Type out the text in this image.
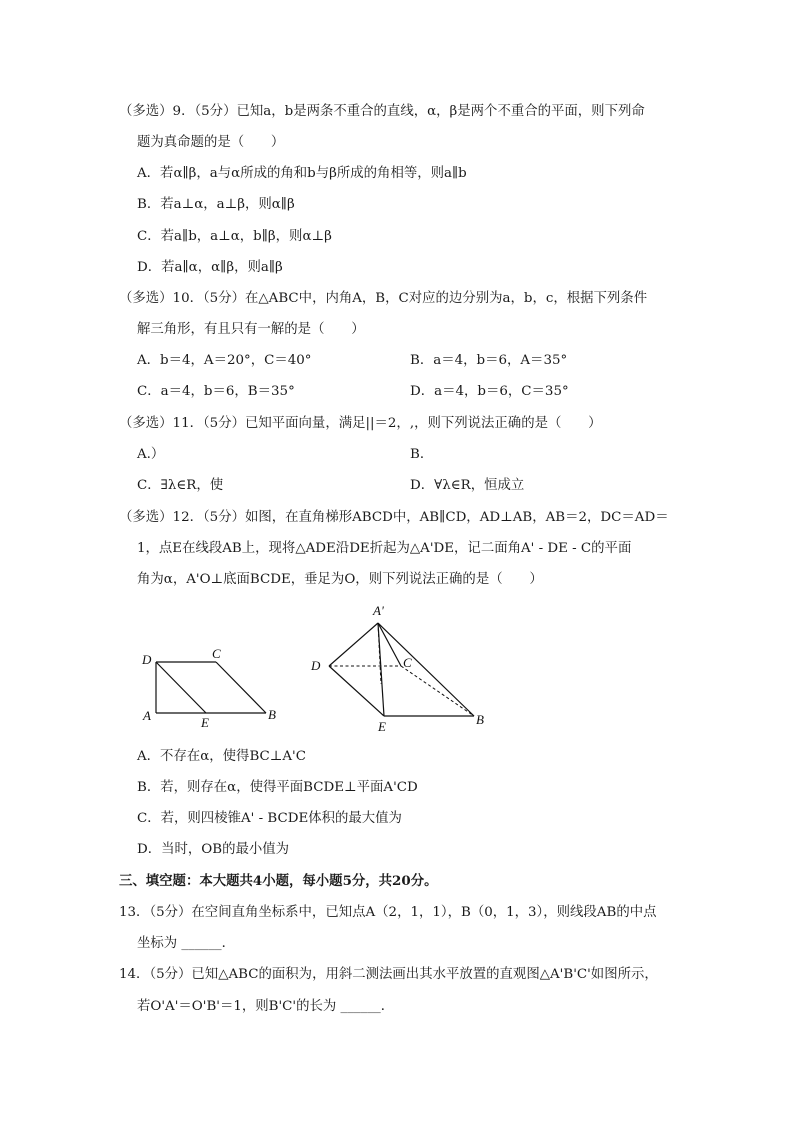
（多选）9．（5分）已知a，b是两条不重合的直线，α，β是两个不重合的平面，则下列命
题为真命题的是（　　）
A．若α∥β，a与α所成的角和b与β所成的角相等，则a∥b
B．若a⊥α，a⊥β，则α∥β
C．若a∥b，a⊥α，b∥β，则α⊥β
D．若a∥α，α∥β，则a∥β
（多选）10．（5分）在△ABC中，内角A，B，C对应的边分别为a，b，c，根据下列条件
解三角形，有且只有一解的是（　　）
A．b＝4，A＝20°，C＝40°	B．a＝4，b＝6，A＝35°
C．a＝4，b＝6，B＝35°	D．a＝4，b＝6，C＝35°
（多选）11．（5分）已知平面向量，满足||＝2，,，则下列说法正确的是（　　）
A.）	B．
C．∃λ∈R，使	D．∀λ∈R，恒成立
（多选）12．（5分）如图，在直角梯形ABCD中，AB∥CD，AD⊥AB，AB＝2，DC＝AD＝
1，点E在线段AB上，现将△ADE沿DE折起为△A'DE，记二面角A' - DE - C的平面
角为α，A'O⊥底面BCDE，垂足为O，则下列说法正确的是（　　）
D	C
A	E
B
A'
D	C
E	B
A．不存在α，使得BC⊥A'C
B．若，则存在α，使得平面BCDE⊥平面A'CD
C．若，则四棱锥A' - BCDE体积的最大值为
D．当时，OB的最小值为
三、填空题：本大题共4小题，每小题5分，共20分。
13．（5分）在空间直角坐标系中，已知点A（2，1，1），B（0，1，3），则线段AB的中点
坐标为 ______．
14．（5分）已知△ABC的面积为，用斜二测法画出其水平放置的直观图△A'B'C'如图所示，
若O'A'＝O'B'＝1，则B'C'的长为 ______．
